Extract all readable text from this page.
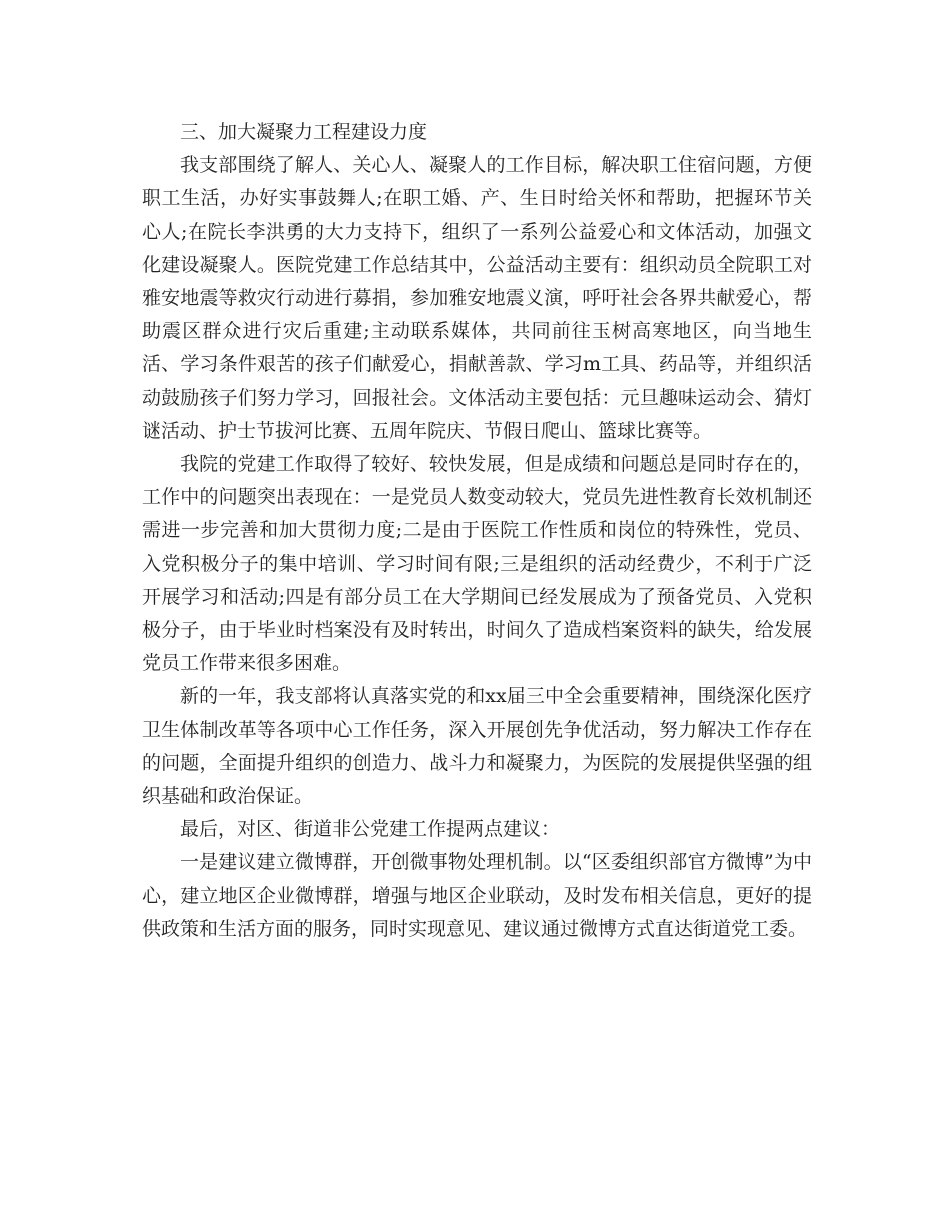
三、加大凝聚力工程建设力度

我支部围绕了解人、关心人、凝聚人的工作目标，解决职工住宿问题，方便职工生活，办好实事鼓舞人;在职工婚、产、生日时给关怀和帮助，把握环节关心人;在院长李洪勇的大力支持下，组织了一系列公益爱心和文体活动，加强文化建设凝聚人。医院党建工作总结其中，公益活动主要有：组织动员全院职工对雅安地震等救灾行动进行募捐，参加雅安地震义演，呼吁社会各界共献爱心，帮助震区群众进行灾后重建;主动联系媒体，共同前往玉树高寒地区，向当地生活、学习条件艰苦的孩子们献爱心，捐献善款、学习m工具、药品等，并组织活动鼓励孩子们努力学习，回报社会。文体活动主要包括：元旦趣味运动会、猜灯谜活动、护士节拔河比赛、五周年院庆、节假日爬山、篮球比赛等。

我院的党建工作取得了较好、较快发展，但是成绩和问题总是同时存在的，工作中的问题突出表现在：一是党员人数变动较大，党员先进性教育长效机制还需进一步完善和加大贯彻力度;二是由于医院工作性质和岗位的特殊性，党员、入党积极分子的集中培训、学习时间有限;三是组织的活动经费少，不利于广泛开展学习和活动;四是有部分员工在大学期间已经发展成为了预备党员、入党积极分子，由于毕业时档案没有及时转出，时间久了造成档案资料的缺失，给发展党员工作带来很多困难。

新的一年，我支部将认真落实党的和xx届三中全会重要精神，围绕深化医疗卫生体制改革等各项中心工作任务，深入开展创先争优活动，努力解决工作存在的问题，全面提升组织的创造力、战斗力和凝聚力，为医院的发展提供坚强的组织基础和政治保证。

最后，对区、街道非公党建工作提两点建议：

一是建议建立微博群，开创微事物处理机制。以“区委组织部官方微博”为中心，建立地区企业微博群，增强与地区企业联动，及时发布相关信息，更好的提供政策和生活方面的服务，同时实现意见、建议通过微博方式直达街道党工委。
